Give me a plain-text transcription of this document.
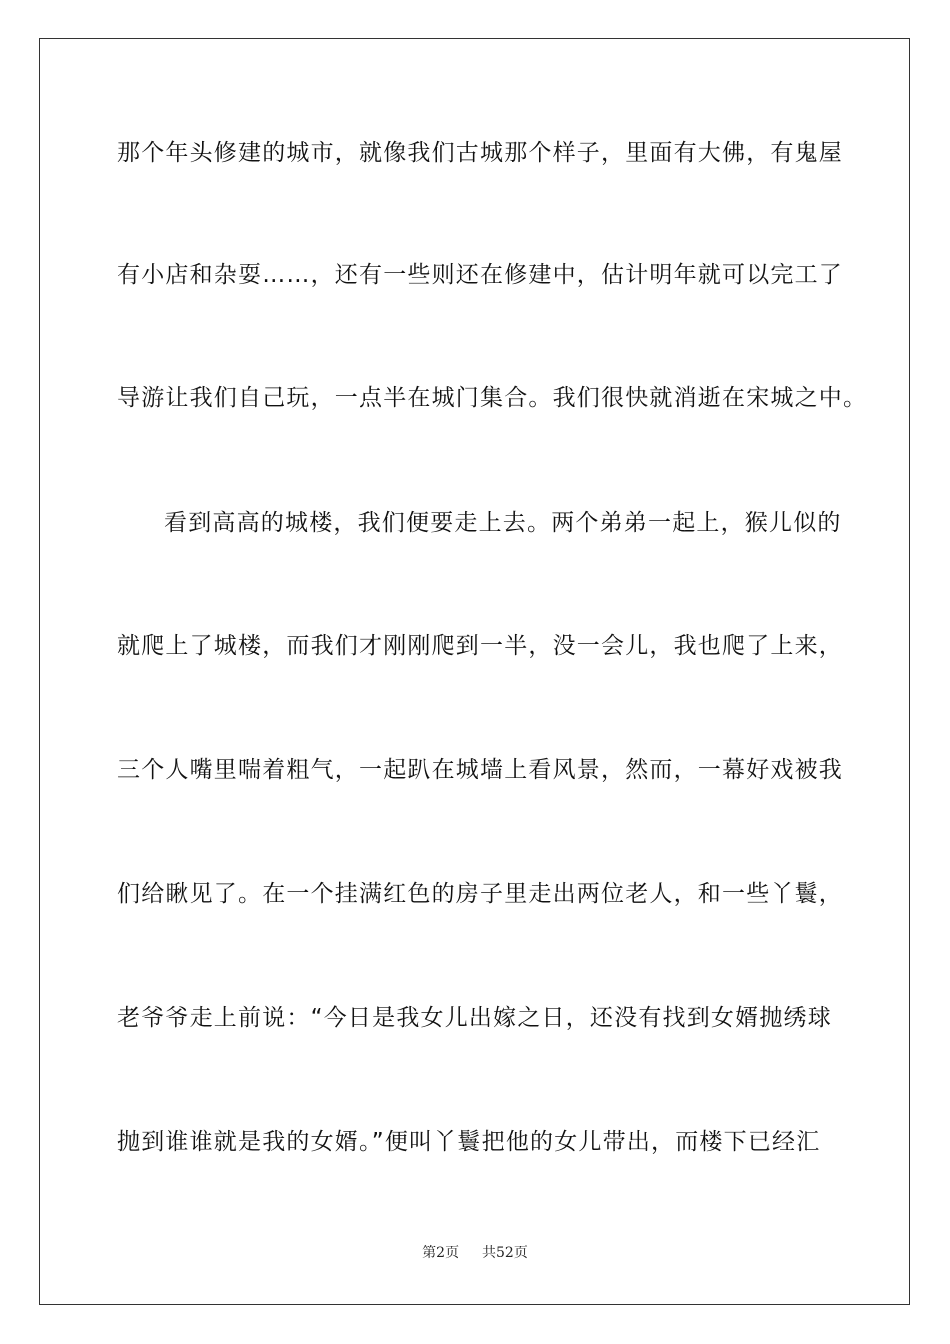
那个年头修建的城市，就像我们古城那个样子，里面有大佛，有鬼屋
有小店和杂耍……，还有一些则还在修建中，估计明年就可以完工了
导游让我们自己玩，一点半在城门集合。我们很快就消逝在宋城之中。
看到高高的城楼，我们便要走上去。两个弟弟一起上，猴儿似的
就爬上了城楼，而我们才刚刚爬到一半，没一会儿，我也爬了上来，
三个人嘴里喘着粗气，一起趴在城墙上看风景，然而，一幕好戏被我
们给瞅见了。在一个挂满红色的房子里走出两位老人，和一些丫鬟，
老爷爷走上前说：“今日是我女儿出嫁之日，还没有找到女婿抛绣球
抛到谁谁就是我的女婿。”便叫丫鬟把他的女儿带出，而楼下已经汇
第2页 共52页
